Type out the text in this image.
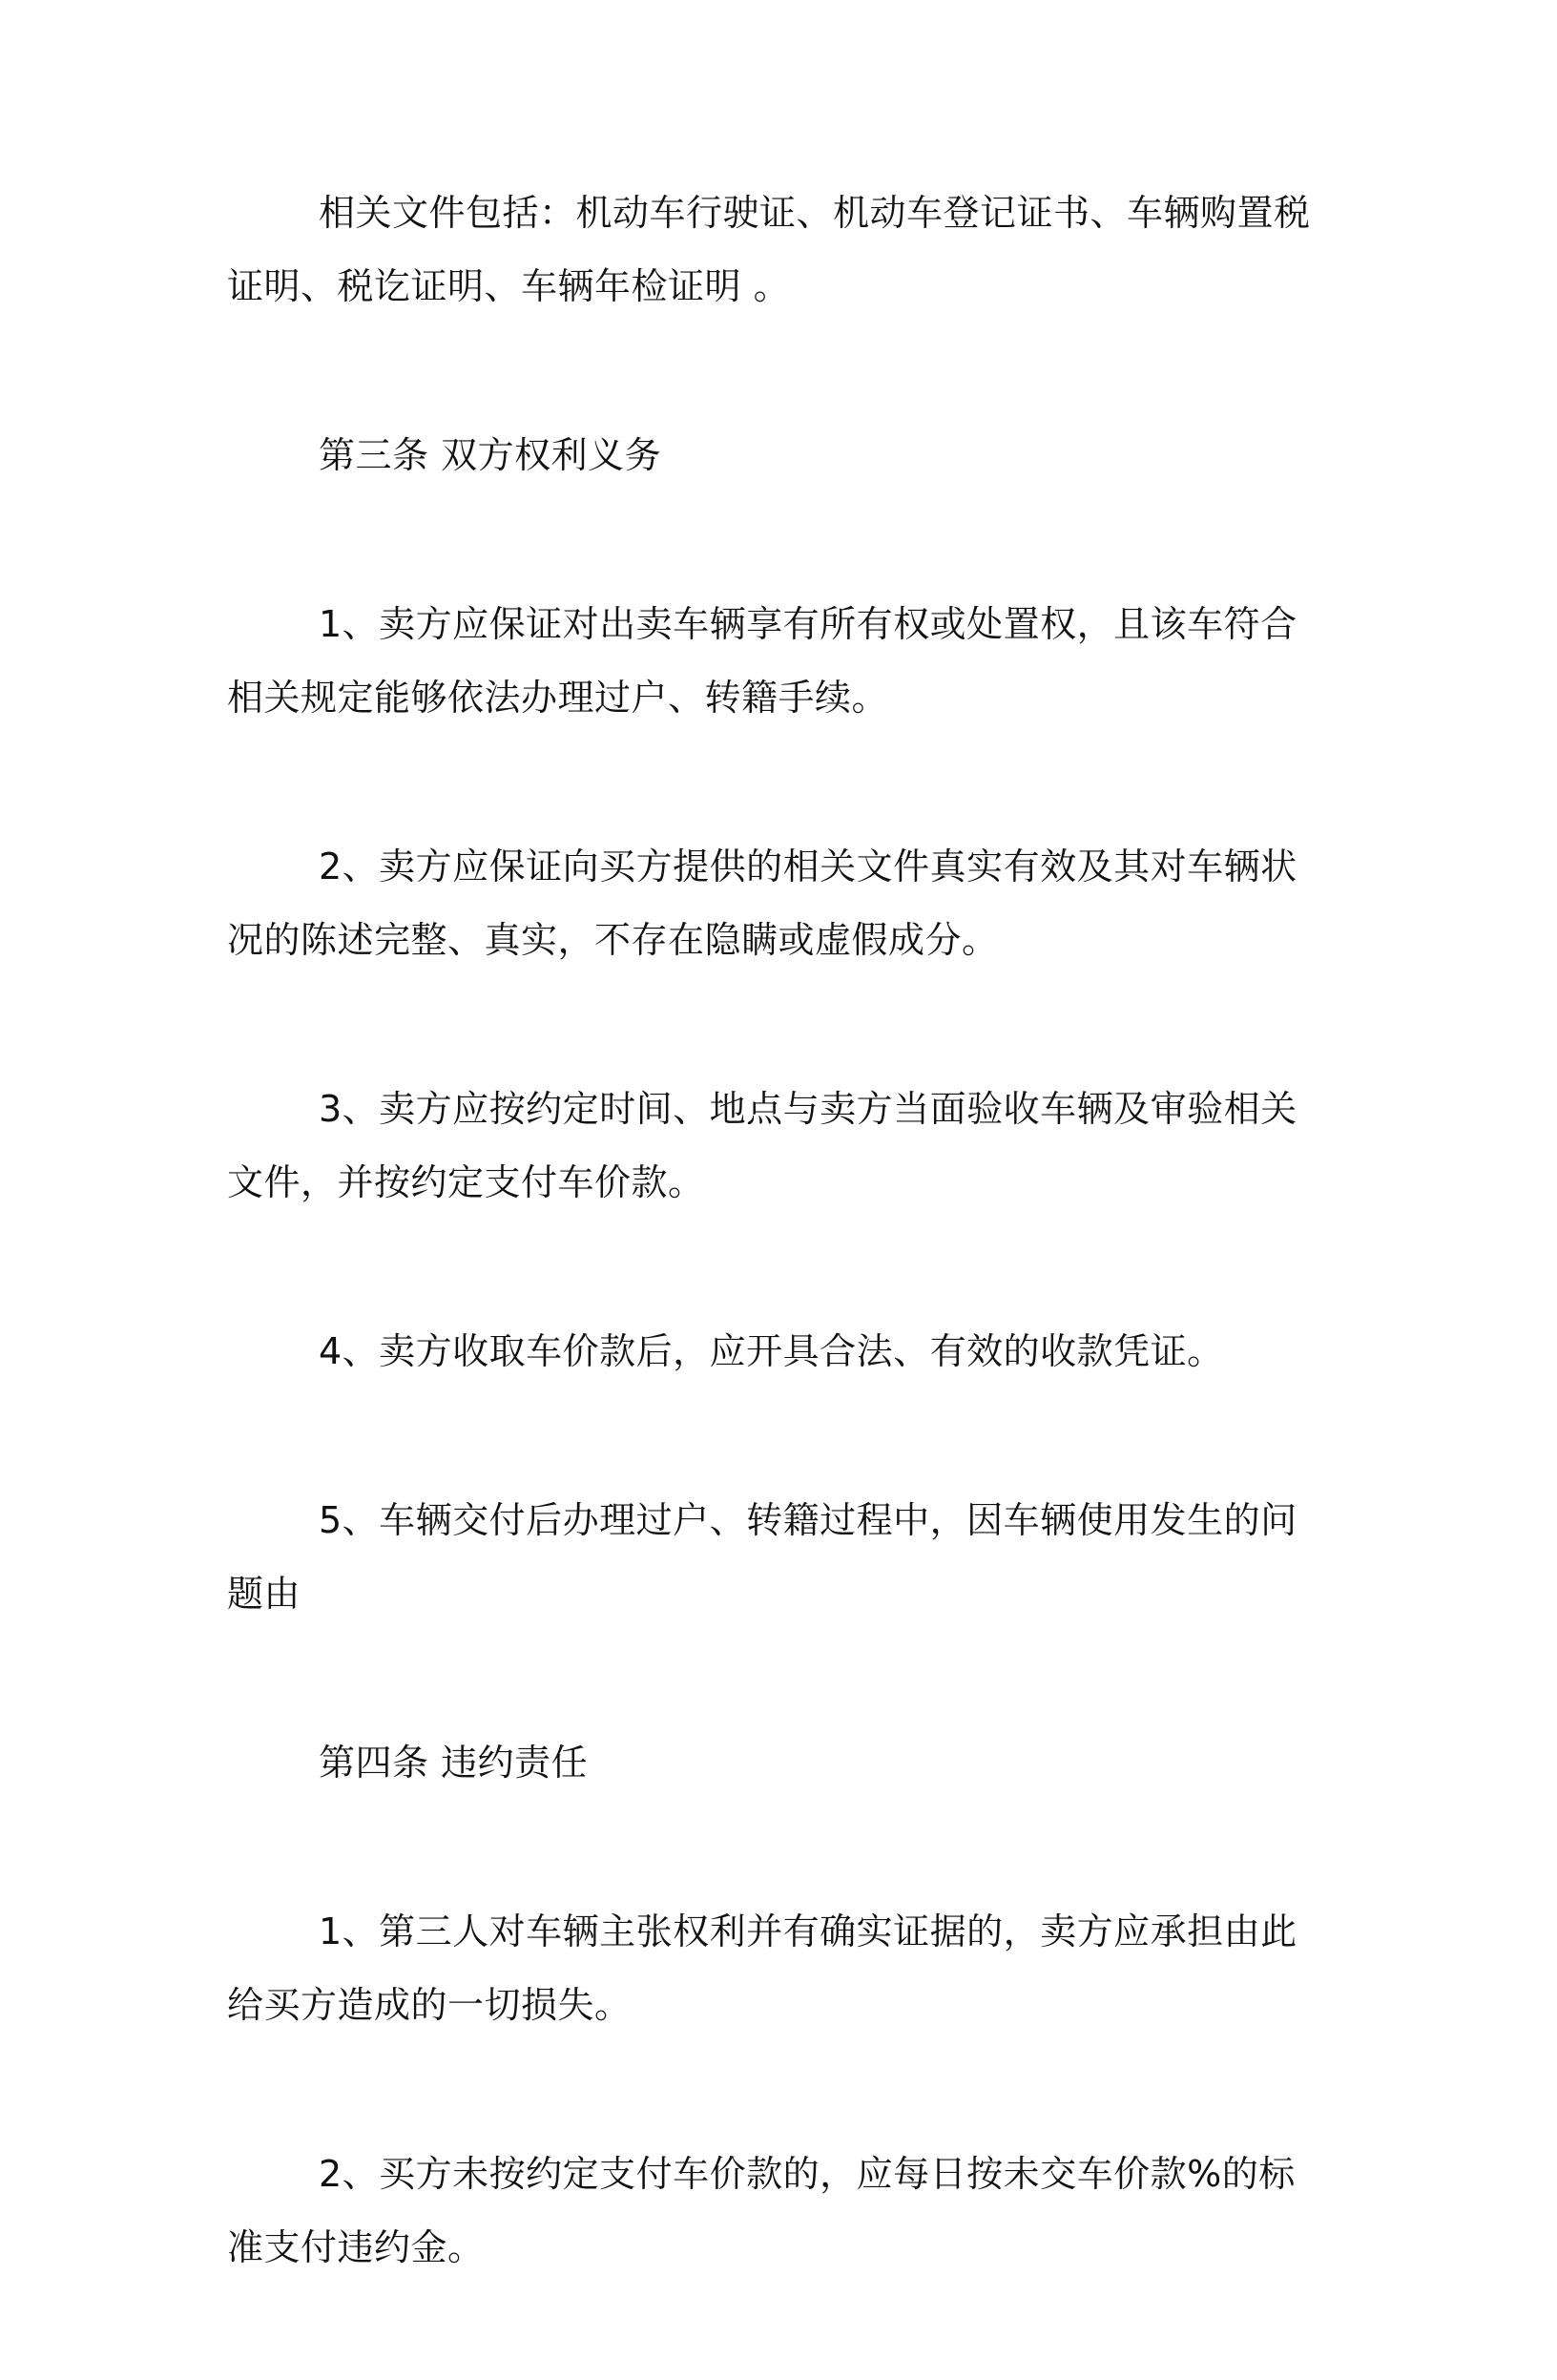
相关文件包括：机动车行驶证、机动车登记证书、车辆购置税证明、税讫证明、车辆年检证明 。

第三条 双方权利义务

1、卖方应保证对出卖车辆享有所有权或处置权，且该车符合相关规定能够依法办理过户、转籍手续。

2、卖方应保证向买方提供的相关文件真实有效及其对车辆状况的陈述完整、真实，不存在隐瞒或虚假成分。

3、卖方应按约定时间、地点与卖方当面验收车辆及审验相关文件，并按约定支付车价款。

4、卖方收取车价款后，应开具合法、有效的收款凭证。

5、车辆交付后办理过户、转籍过程中，因车辆使用发生的问题由

第四条 违约责任

1、第三人对车辆主张权利并有确实证据的，卖方应承担由此给买方造成的一切损失。

2、买方未按约定支付车价款的，应每日按未交车价款%的标准支付违约金。
